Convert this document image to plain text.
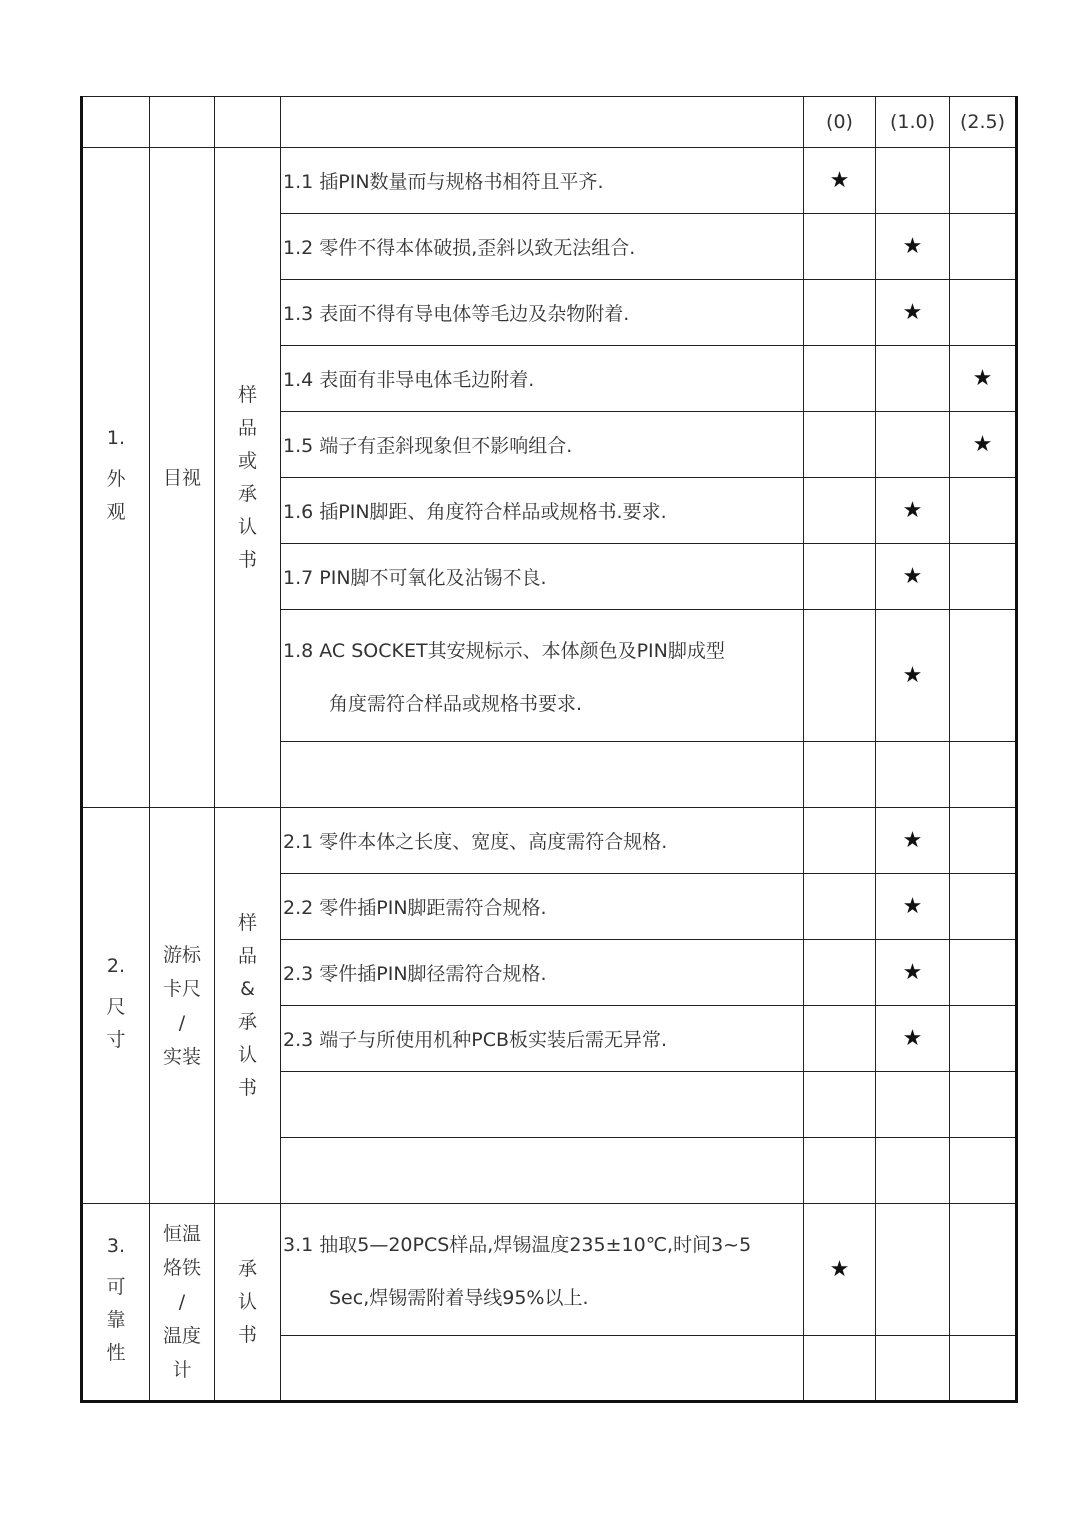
				(0)	(1.0)	(2.5)

1.
外观	目视	样品或承认书	1.1 插PIN数量而与规格书相符且平齐.	★		
			1.2 零件不得本体破损,歪斜以致无法组合.		★	
			1.3 表面不得有导电体等毛边及杂物附着.		★	
			1.4 表面有非导电体毛边附着.			★
			1.5 端子有歪斜现象但不影响组合.			★
			1.6 插PIN脚距、角度符合样品或规格书.要求.		★	
			1.7 PIN脚不可氧化及沾锡不良.		★	
			1.8 AC SOCKET其安规标示、本体颜色及PIN脚成型
角度需符合样品或规格书要求.		★	

2.
尺寸	游标
卡尺
/
实装	样品&承认书	2.1 零件本体之长度、宽度、高度需符合规格.		★	
			2.2 零件插PIN脚距需符合规格.		★	
			2.3 零件插PIN脚径需符合规格.		★	
			2.3 端子与所使用机种PCB板实装后需无异常.		★	

3.
可靠性	恒温
烙铁
/
温度
计	承认书	3.1 抽取5—20PCS样品,焊锡温度235±10℃,时间3~5
Sec,焊锡需附着导线95%以上.	★		
